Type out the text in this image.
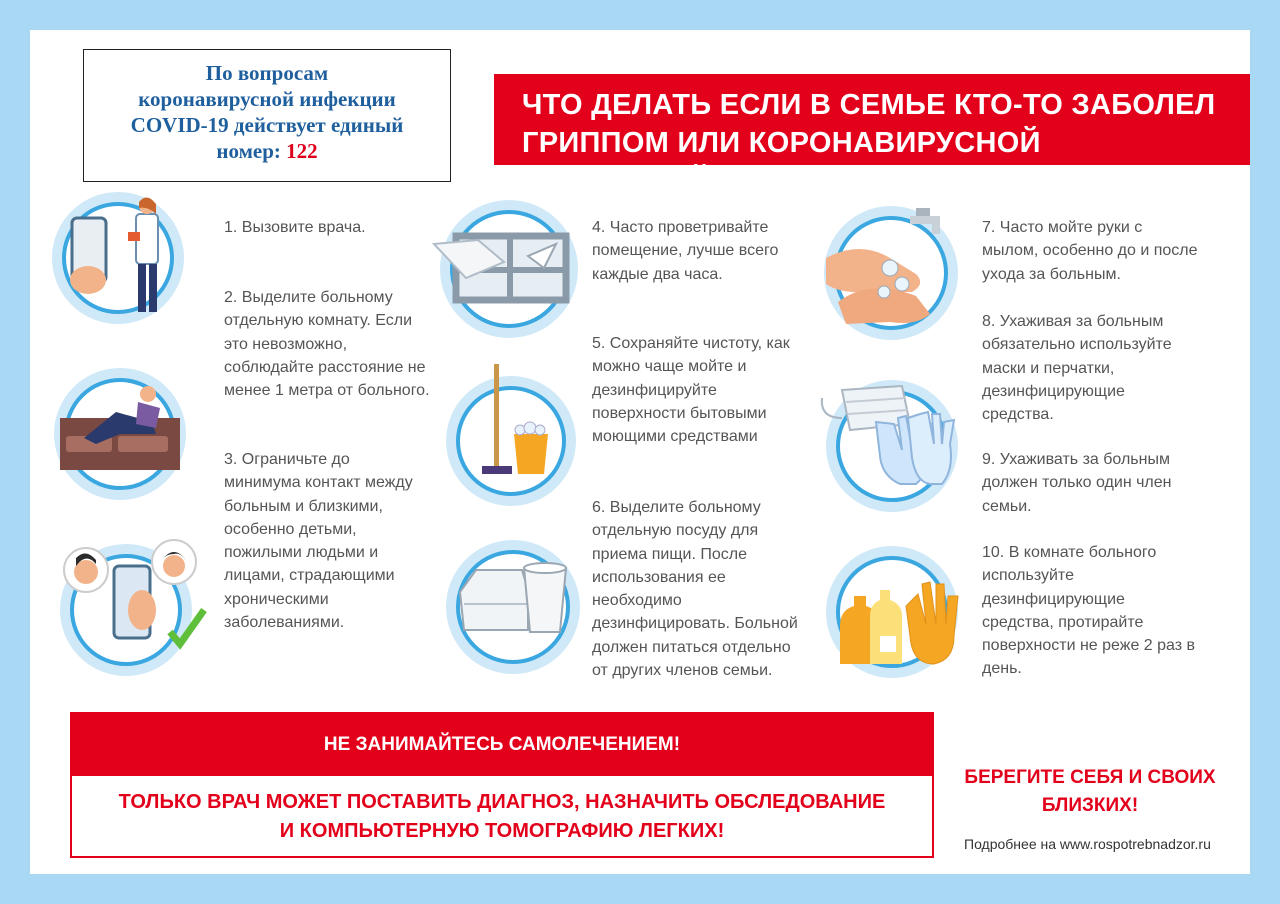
По вопросам
коронавирусной инфекции
COVID-19 действует единый
номер: 122
ЧТО ДЕЛАТЬ ЕСЛИ В СЕМЬЕ КТО-ТО ЗАБОЛЕЛ
ГРИППОМ ИЛИ КОРОНАВИРУСНОЙ ИНФЕКЦИЕЙ?
1. Вызовите врача.
2. Выделите больному
отдельную комнату. Если
это невозможно,
соблюдайте расстояние не
менее 1 метра от больного.
3. Ограничьте до
минимума контакт между
больным и близкими,
особенно детьми,
пожилыми людьми и
лицами, страдающими
хроническими
заболеваниями.
4. Часто проветривайте
помещение, лучше всего
каждые два часа.
5. Сохраняйте чистоту, как
можно чаще мойте и
дезинфицируйте
поверхности бытовыми
моющими средствами
6. Выделите больному
отдельную посуду для
приема пищи. После
использования ее
необходимо
дезинфицировать. Больной
должен питаться отдельно
от других членов семьи.
7. Часто мойте руки с
мылом, особенно до и после
ухода за больным.
8. Ухаживая за больным
обязательно используйте
маски и перчатки,
дезинфицирующие
средства.
9. Ухаживать за больным
должен только один член
семьи.
10. В комнате больного
используйте
дезинфицирующие
средства, протирайте
поверхности не реже 2 раз в
день.
НЕ ЗАНИМАЙТЕСЬ САМОЛЕЧЕНИЕМ!
ТОЛЬКО ВРАЧ МОЖЕТ ПОСТАВИТЬ ДИАГНОЗ, НАЗНАЧИТЬ ОБСЛЕДОВАНИЕ
И КОМПЬЮТЕРНУЮ ТОМОГРАФИЮ ЛЕГКИХ!
БЕРЕГИТЕ СЕБЯ И СВОИХ
БЛИЗКИХ!
Подробнее на www.rospotrebnadzor.ru
